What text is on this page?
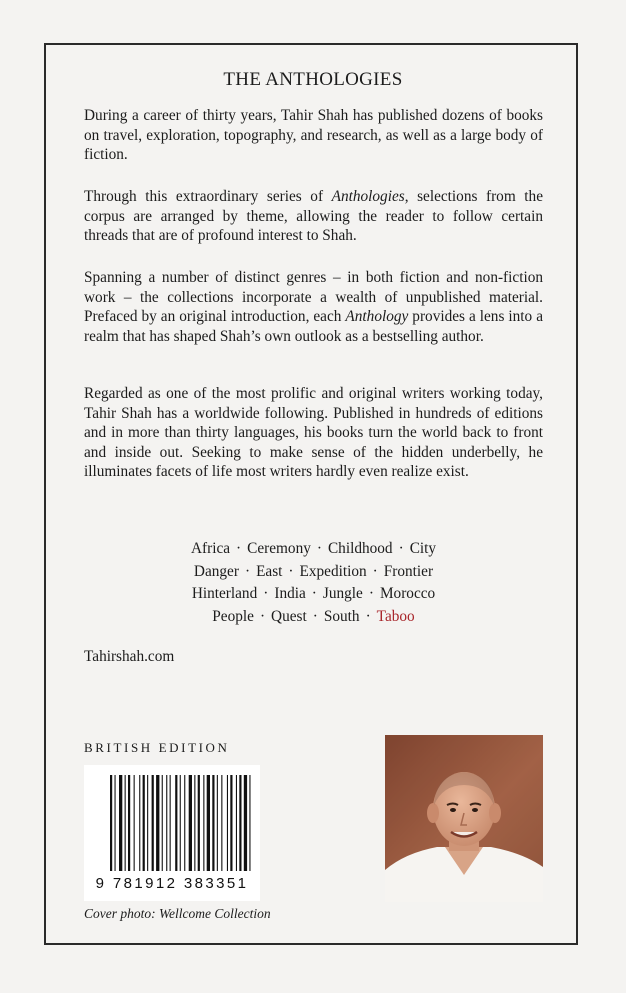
THE ANTHOLOGIES

During a career of thirty years, Tahir Shah has published dozens of books on travel, exploration, topography, and research, as well as a large body of fiction.

Through this extraordinary series of Anthologies, selections from the corpus are arranged by theme, allowing the reader to follow certain threads that are of profound interest to Shah.

Spanning a number of distinct genres – in both fiction and non-fiction work – the collections incorporate a wealth of unpublished material. Prefaced by an original introduction, each Anthology provides a lens into a realm that has shaped Shah’s own outlook as a bestselling author.

Regarded as one of the most prolific and original writers working today, Tahir Shah has a worldwide following. Published in hundreds of editions and in more than thirty languages, his books turn the world back to front and inside out. Seeking to make sense of the hidden underbelly, he illuminates facets of life most writers hardly even realize exist.

Africa · Ceremony · Childhood · City
Danger · East · Expedition · Frontier
Hinterland · India · Jungle · Morocco
People · Quest · South · Taboo
Tahirshah.com
BRITISH EDITION
9 781912 383351
Cover photo: Wellcome Collection
